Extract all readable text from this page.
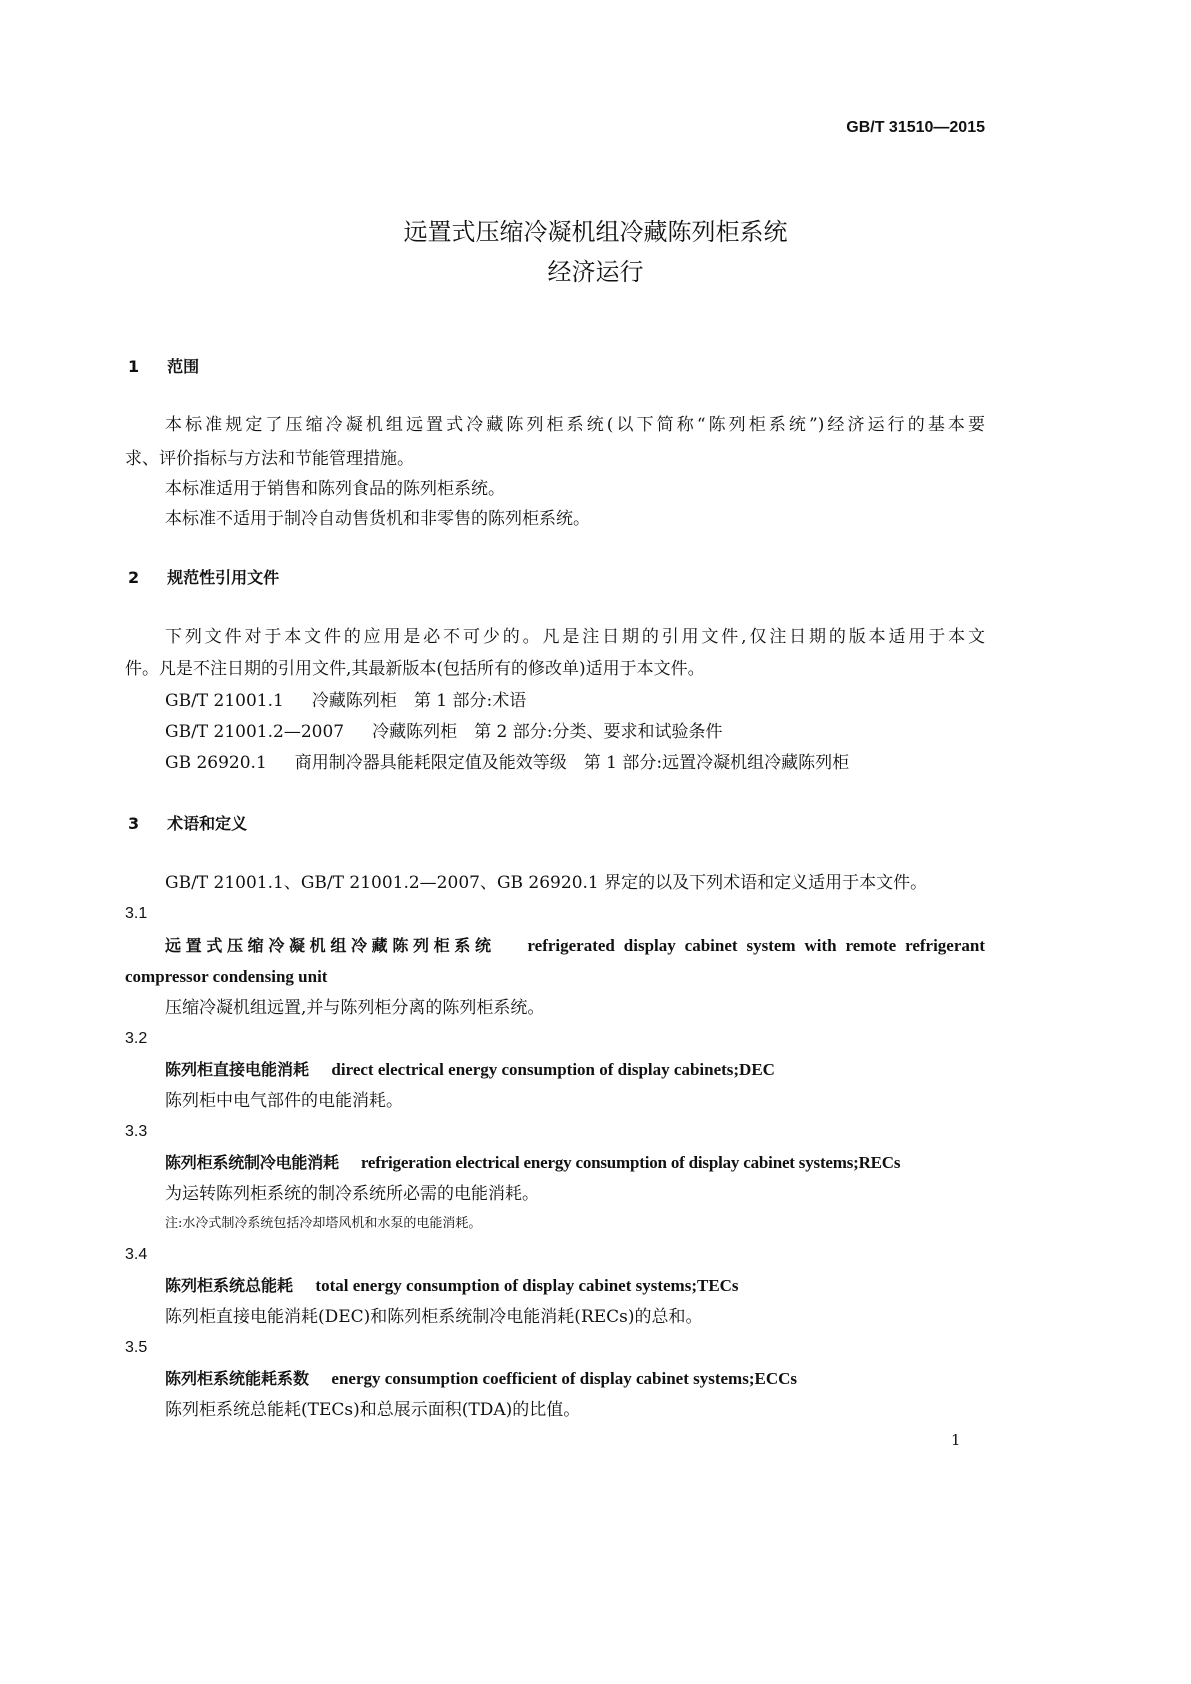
GB/T 31510—2015
远置式压缩冷凝机组冷藏陈列柜系统
经济运行
1 范围
本标准规定了压缩冷凝机组远置式冷藏陈列柜系统(以下简称“陈列柜系统”)经济运行的基本要
求、评价指标与方法和节能管理措施。
本标准适用于销售和陈列食品的陈列柜系统。
本标准不适用于制冷自动售货机和非零售的陈列柜系统。
2 规范性引用文件
下列文件对于本文件的应用是必不可少的。凡是注日期的引用文件,仅注日期的版本适用于本文
件。凡是不注日期的引用文件,其最新版本(包括所有的修改单)适用于本文件。
GB/T 21001.1 冷藏陈列柜　第 1 部分:术语
GB/T 21001.2—2007 冷藏陈列柜　第 2 部分:分类、要求和试验条件
GB 26920.1 商用制冷器具能耗限定值及能效等级　第 1 部分:远置冷凝机组冷藏陈列柜
3 术语和定义
GB/T 21001.1、GB/T 21001.2—2007、GB 26920.1 界定的以及下列术语和定义适用于本文件。
3.1
远置式压缩冷凝机组冷藏陈列柜系统　 refrigerated display cabinet system with remote refrigerant
compressor condensing unit
压缩冷凝机组远置,并与陈列柜分离的陈列柜系统。
3.2
陈列柜直接电能消耗　 direct electrical energy consumption of display cabinets;DEC
陈列柜中电气部件的电能消耗。
3.3
陈列柜系统制冷电能消耗　 refrigeration electrical energy consumption of display cabinet systems;RECs
为运转陈列柜系统的制冷系统所必需的电能消耗。
注:水冷式制冷系统包括冷却塔风机和水泵的电能消耗。
3.4
陈列柜系统总能耗　 total energy consumption of display cabinet systems;TECs
陈列柜直接电能消耗(DEC)和陈列柜系统制冷电能消耗(RECs)的总和。
3.5
陈列柜系统能耗系数　 energy consumption coefficient of display cabinet systems;ECCs
陈列柜系统总能耗(TECs)和总展示面积(TDA)的比值。
1
